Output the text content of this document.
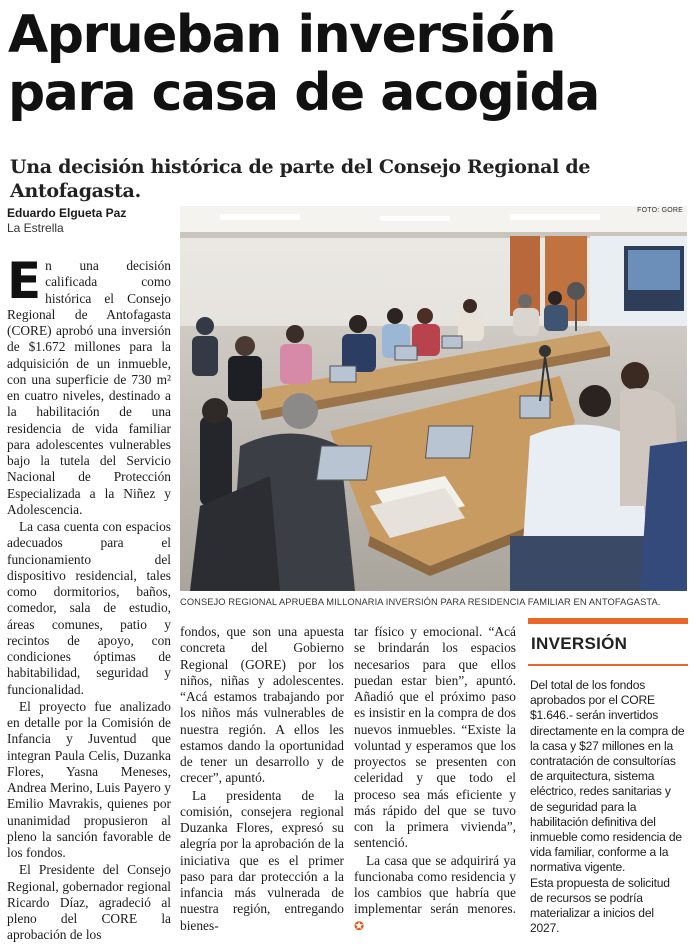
Aprueban inversión para casa de acogida
Una decisión histórica de parte del Consejo Regional de Antofagasta.
Eduardo Elgueta Paz
La Estrella
FOTO: GORE
CONSEJO REGIONAL APRUEBA MILLONARIA INVERSIÓN PARA RESIDENCIA FAMILIAR EN ANTOFAGASTA.

En una decisión calificada como histórica el Consejo Regional de Antofagasta (CORE) aprobó una inversión de $1.672 millones para la adquisición de un inmueble, con una superficie de 730 m² en cuatro niveles, destinado a la habilitación de una residencia de vida familiar para adolescentes vulnerables bajo la tutela del Servicio Nacional de Protección Especializada a la Niñez y Adolescencia.

La casa cuenta con espacios adecuados para el funcionamiento del dispositivo residencial, tales como dormitorios, baños, comedor, sala de estudio, áreas comunes, patio y recintos de apoyo, con condiciones óptimas de habitabilidad, seguridad y funcionalidad.

El proyecto fue analizado en detalle por la Comisión de Infancia y Juventud que integran Paula Celis, Duzanka Flores, Yasna Meneses, Andrea Merino, Luis Payero y Emilio Mavrakis, quienes por unanimidad propusieron al pleno la sanción favorable de los fondos.

El Presidente del Consejo Regional, gobernador regional Ricardo Díaz, agradeció al pleno del CORE la aprobación de los

fondos, que son una apuesta concreta del Gobierno Regional (GORE) por los niños, niñas y adolescentes. “Acá estamos trabajando por los niños más vulnerables de nuestra región. A ellos les estamos dando la oportunidad de tener un desarrollo y de crecer”, apuntó.

La presidenta de la comisión, consejera regional Duzanka Flores, expresó su alegría por la aprobación de la iniciativa que es el primer paso para dar protección a la infancia más vulnerada de nuestra región, entregando bienes-

tar físico y emocional. “Acá se brindarán los espacios necesarios para que ellos puedan estar bien”, apuntó. Añadió que el próximo paso es insistir en la compra de dos nuevos inmuebles. “Existe la voluntad y esperamos que los proyectos se presenten con celeridad y que todo el proceso sea más eficiente y más rápido del que se tuvo con la primera vivienda”, sentenció.

La casa que se adquirirá ya funcionaba como residencia y los cambios que habría que implementar serán menores. ✪

INVERSIÓN

Del total de los fondos aprobados por el CORE $1.646.- serán invertidos directamente en la compra de la casa y $27 millones en la contratación de consultorías de arquitectura, sistema eléctrico, redes sanitarias y de seguridad para la habilitación definitiva del inmueble como residencia de vida familiar, conforme a la normativa vigente.

Esta propuesta de solicitud de recursos se podría materializar a inicios del 2027.
